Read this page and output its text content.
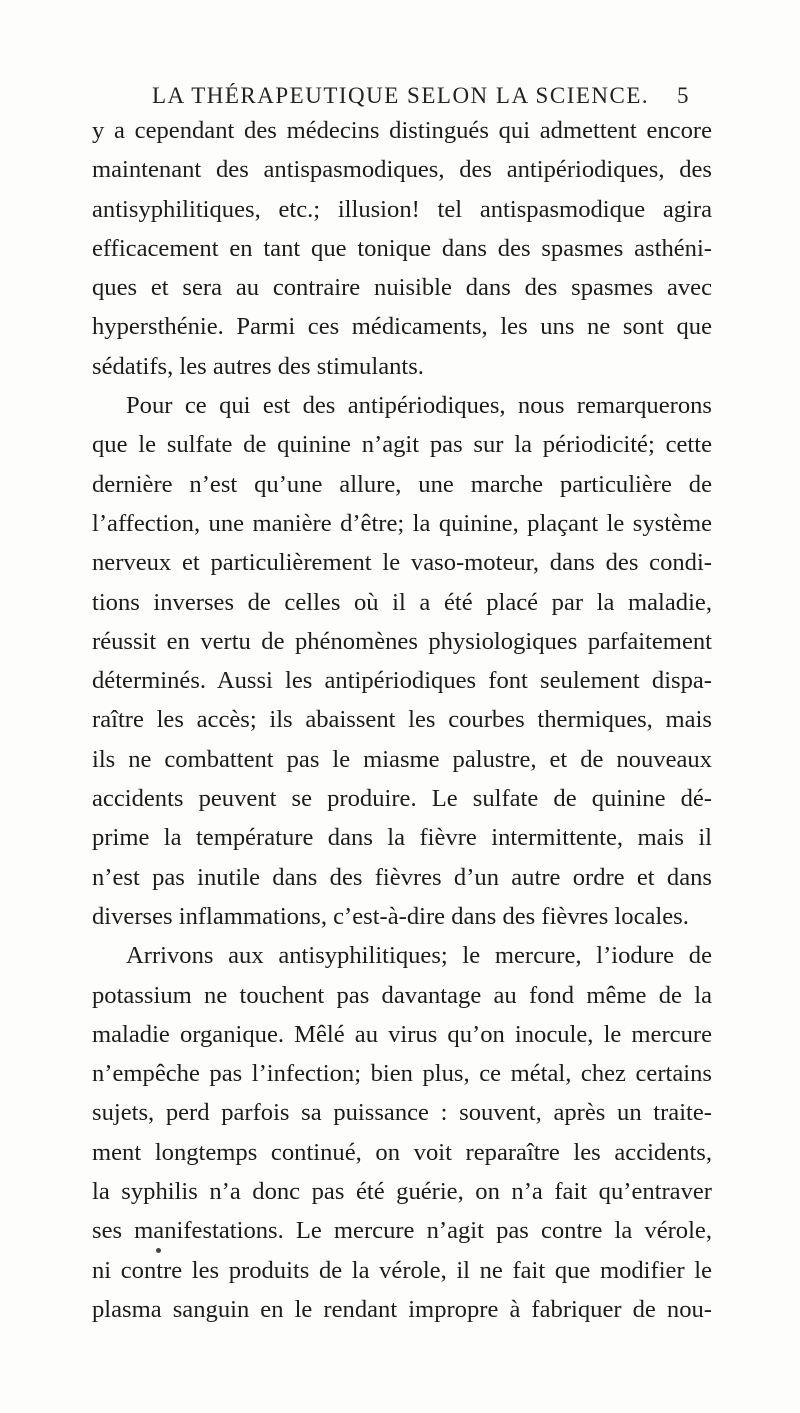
LA THÉRAPEUTIQUE SELON LA SCIENCE. 5
y a cependant des médecins distingués qui admettent encore
maintenant des antispasmodiques, des antipériodiques, des
antisyphilitiques, etc.; illusion! tel antispasmodique agira
efficacement en tant que tonique dans des spasmes asthéni-
ques et sera au contraire nuisible dans des spasmes avec
hypersthénie. Parmi ces médicaments, les uns ne sont que
sédatifs, les autres des stimulants.
Pour ce qui est des antipériodiques, nous remarquerons
que le sulfate de quinine n’agit pas sur la périodicité; cette
dernière n’est qu’une allure, une marche particulière de
l’affection, une manière d’être; la quinine, plaçant le système
nerveux et particulièrement le vaso-moteur, dans des condi-
tions inverses de celles où il a été placé par la maladie,
réussit en vertu de phénomènes physiologiques parfaitement
déterminés. Aussi les antipériodiques font seulement dispa-
raître les accès; ils abaissent les courbes thermiques, mais
ils ne combattent pas le miasme palustre, et de nouveaux
accidents peuvent se produire. Le sulfate de quinine dé-
prime la température dans la fièvre intermittente, mais il
n’est pas inutile dans des fièvres d’un autre ordre et dans
diverses inflammations, c’est-à-dire dans des fièvres locales.
Arrivons aux antisyphilitiques; le mercure, l’iodure de
potassium ne touchent pas davantage au fond même de la
maladie organique. Mêlé au virus qu’on inocule, le mercure
n’empêche pas l’infection; bien plus, ce métal, chez certains
sujets, perd parfois sa puissance : souvent, après un traite-
ment longtemps continué, on voit reparaître les accidents,
la syphilis n’a donc pas été guérie, on n’a fait qu’entraver
ses manifestations. Le mercure n’agit pas contre la vérole,
ni contre les produits de la vérole, il ne fait que modifier le
plasma sanguin en le rendant impropre à fabriquer de nou-
